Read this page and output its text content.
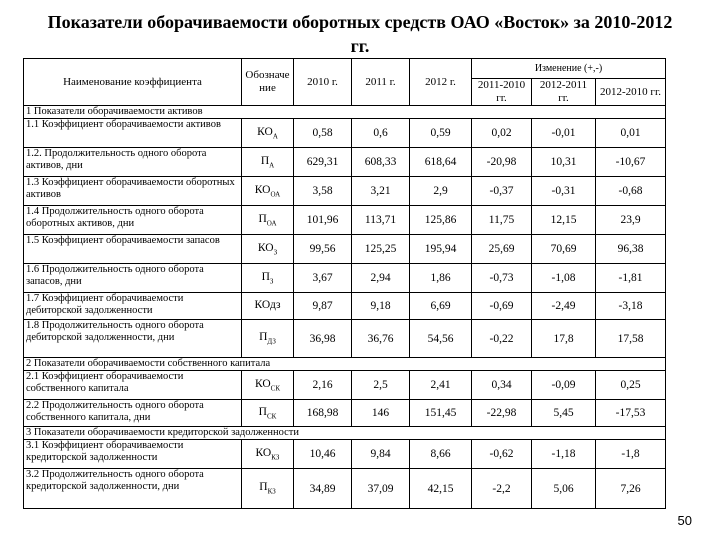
Показатели оборачиваемости оборотных средств ОАО «Восток» за 2010-2012
гг.
Наименование коэффициента	Обозначе ние	2010 г.	2011 г.	2012 г.	Изменение (+,-)		
					2011-2010 гг.	2012-2011 гг.	2012-2010 гг.
1 Показатели оборачиваемости активов							
1.1 Коэффициент оборачиваемости активов	$КО_А$	0,58	0,6	0,59	0,02	-0,01	0,01
1.2. Продолжительность одного оборота активов, дни	$П_А$	629,31	608,33	618,64	-20,98	10,31	-10,67
1.3 Коэффициент оборачиваемости оборотных активов	$КО_{ОА}$	3,58	3,21	2,9	-0,37	-0,31	-0,68
1.4 Продолжительность одного оборота оборотных активов, дни	$П_{ОА}$	101,96	113,71	125,86	11,75	12,15	23,9
1.5 Коэффициент оборачиваемости запасов	$КО_З$	99,56	125,25	195,94	25,69	70,69	96,38
1.6 Продолжительность одного оборота запасов, дни	$П_З$	3,67	2,94	1,86	-0,73	-1,08	-1,81
1.7 Коэффициент оборачиваемости дебиторской задолженности	КОдз	9,87	9,18	6,69	-0,69	-2,49	-3,18
1.8 Продолжительность одного оборота дебиторской задолженности, дни	$П_{ДЗ}$	36,98	36,76	54,56	-0,22	17,8	17,58
2 Показатели оборачиваемости собственного капитала							
2.1 Коэффициент оборачиваемости собственного капитала	$КО_{СК}$	2,16	2,5	2,41	0,34	-0,09	0,25
2.2 Продолжительность одного оборота собственного капитала, дни	$П_{СК}$	168,98	146	151,45	-22,98	5,45	-17,53
3 Показатели оборачиваемости кредиторской задолженности							
3.1 Коэффициент оборачиваемости кредиторской задолженности	$КО_{КЗ}$	10,46	9,84	8,66	-0,62	-1,18	-1,8
3.2 Продолжительность одного оборота кредиторской задолженности, дни	$П_{КЗ}$	34,89	37,09	42,15	-2,2	5,06	7,26
50
